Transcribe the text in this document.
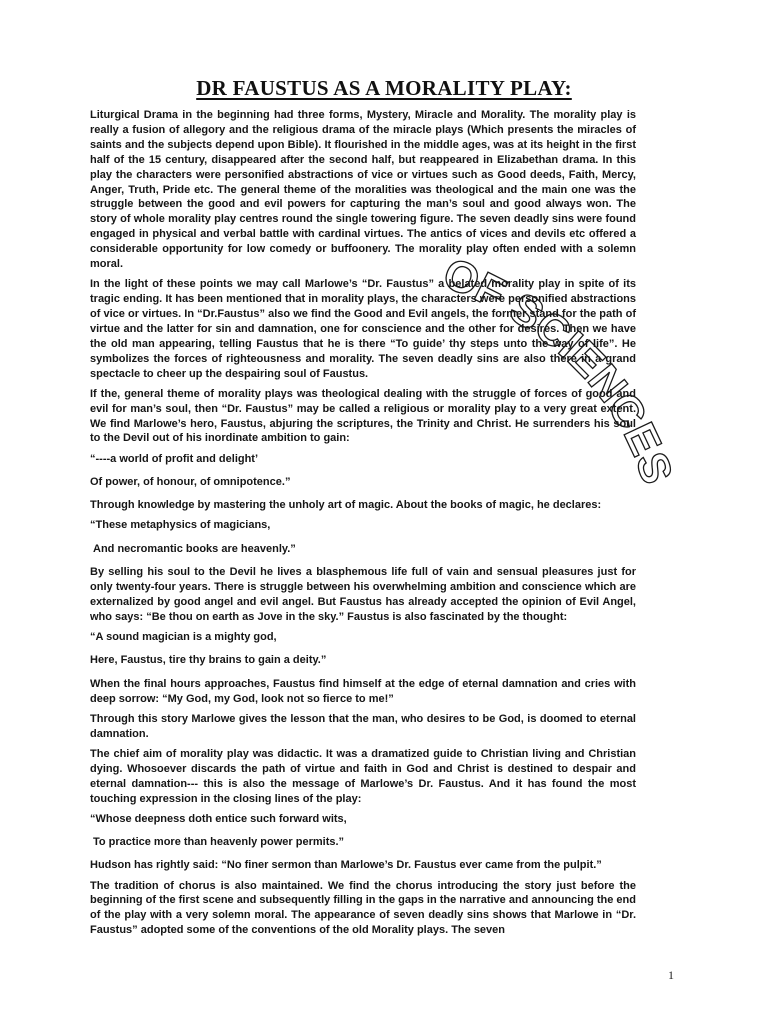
DR FAUSTUS AS A MORALITY PLAY:

Liturgical Drama in the beginning had three forms, Mystery, Miracle and Morality. The morality play is really a fusion of allegory and the religious drama of the miracle plays (Which presents the miracles of saints and the subjects depend upon Bible). It flourished in the middle ages, was at its height in the first half of the 15 century, disappeared after the second half, but reappeared in Elizabethan drama. In this play the characters were personified abstractions of vice or virtues such as Good deeds, Faith, Mercy, Anger, Truth, Pride etc. The general theme of the moralities was theological and the main one was the struggle between the good and evil powers for capturing the man’s soul and good always won. The story of whole morality play centres round the single towering figure. The seven deadly sins were found engaged in physical and verbal battle with cardinal virtues. The antics of vices and devils etc offered a considerable opportunity for low comedy or buffoonery. The morality play often ended with a solemn moral.

In the light of these points we may call Marlowe’s “Dr. Faustus” a belated morality play in spite of its tragic ending. It has been mentioned that in morality plays, the characters were personified abstractions of vice or virtues. In “Dr.Faustus” also we find the Good and Evil angels, the former stand for the path of virtue and the latter for sin and damnation, one for conscience and the other for desires. Then we have the old man appearing, telling Faustus that he is there “To guide’ thy steps unto the way of life”. He symbolizes the forces of righteousness and morality. The seven deadly sins are also there in a grand spectacle to cheer up the despairing soul of Faustus.

If the, general theme of morality plays was theological dealing with the struggle of forces of good and evil for man’s soul, then “Dr. Faustus” may be called a religious or morality play to a very great extent. We find Marlowe’s hero, Faustus, abjuring the scriptures, the Trinity and Christ. He surrenders his soul to the Devil out of his inordinate ambition to gain:

“----a world of profit and delight’

Of power, of honour, of omnipotence.”

Through knowledge by mastering the unholy art of magic. About the books of magic, he declares:

“These metaphysics of magicians,

And necromantic books are heavenly.”

By selling his soul to the Devil he lives a blasphemous life full of vain and sensual pleasures just for only twenty-four years. There is struggle between his overwhelming ambition and conscience which are externalized by good angel and evil angel. But Faustus has already accepted the opinion of Evil Angel, who says: “Be thou on earth as Jove in the sky.” Faustus is also fascinated by the thought:

“A sound magician is a mighty god,

Here, Faustus, tire thy brains to gain a deity.”

When the final hours approaches, Faustus find himself at the edge of eternal damnation and cries with deep sorrow: “My God, my God, look not so fierce to me!”

Through this story Marlowe gives the lesson that the man, who desires to be God, is doomed to eternal damnation.

The chief aim of morality play was didactic. It was a dramatized guide to Christian living and Christian dying. Whosoever discards the path of virtue and faith in God and Christ is destined to despair and eternal damnation--- this is also the message of Marlowe’s Dr. Faustus. And it has found the most touching expression in the closing lines of the play:

“Whose deepness doth entice such forward wits,

To practice more than heavenly power permits.”

Hudson has rightly said: “No finer sermon than Marlowe’s Dr. Faustus ever came from the pulpit.”

The tradition of chorus is also maintained. We find the chorus introducing the story just before the beginning of the first scene and subsequently filling in the gaps in the narrative and announcing the end of the play with a very solemn moral. The appearance of seven deadly sins shows that Marlowe in “Dr. Faustus” adopted some of the conventions of the old Morality plays. The seven

1
OF SCIENCES
